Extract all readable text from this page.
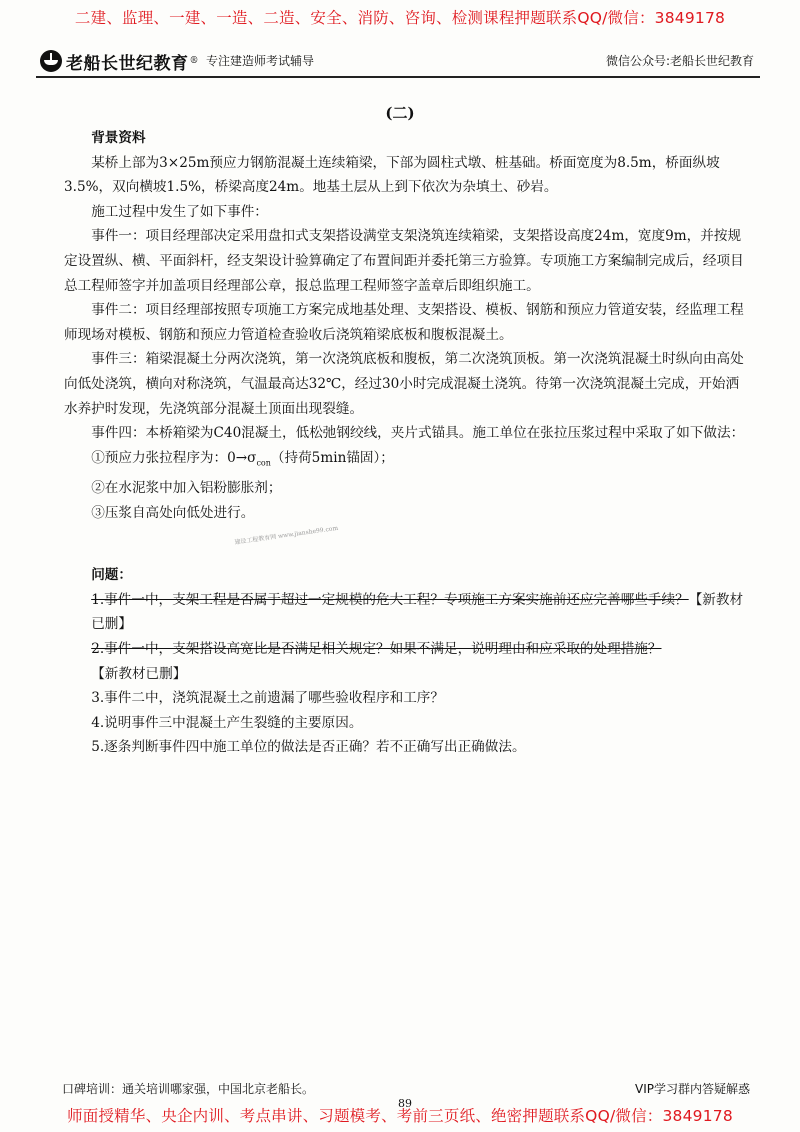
二建、监理、一建、一造、二造、安全、消防、咨询、检测课程押题联系QQ/微信：3849178
老船长世纪教育 ® 专注建造师考试辅导	微信公众号:老船长世纪教育
(二)

背景资料

某桥上部为3×25m预应力钢筋混凝土连续箱梁，下部为圆柱式墩、桩基础。桥面宽度为8.5m，桥面纵坡3.5%，双向横坡1.5%，桥梁高度24m。地基土层从上到下依次为杂填土、砂岩。

施工过程中发生了如下事件：

事件一：项目经理部决定采用盘扣式支架搭设满堂支架浇筑连续箱梁，支架搭设高度24m，宽度9m，并按规定设置纵、横、平面斜杆，经支架设计验算确定了布置间距并委托第三方验算。专项施工方案编制完成后，经项目总工程师签字并加盖项目经理部公章，报总监理工程师签字盖章后即组织施工。

事件二：项目经理部按照专项施工方案完成地基处理、支架搭设、模板、钢筋和预应力管道安装，经监理工程师现场对模板、钢筋和预应力管道检查验收后浇筑箱梁底板和腹板混凝土。

事件三：箱梁混凝土分两次浇筑，第一次浇筑底板和腹板，第二次浇筑顶板。第一次浇筑混凝土时纵向由高处向低处浇筑，横向对称浇筑，气温最高达32℃，经过30小时完成混凝土浇筑。待第一次浇筑混凝土完成，开始洒水养护时发现，先浇筑部分混凝土顶面出现裂缝。

事件四：本桥箱梁为C40混凝土，低松弛钢绞线，夹片式锚具。施工单位在张拉压浆过程中采取了如下做法：

①预应力张拉程序为：$0\to\sigma_{con}$（持荷5min锚固）；

②在水泥浆中加入铝粉膨胀剂；

③压浆自高处向低处进行。

问题：

1.事件一中，支架工程是否属于超过一定规模的危大工程？专项施工方案实施前还应完善哪些手续？【新教材已删】

2.事件一中，支架搭设高宽比是否满足相关规定？如果不满足，说明理由和应采取的处理措施？【新教材已删】

3.事件二中，浇筑混凝土之前遗漏了哪些验收程序和工序？

4.说明事件三中混凝土产生裂缝的主要原因。

5.逐条判断事件四中施工单位的做法是否正确？若不正确写出正确做法。

建设工程教育网 www.jianshe99.com
口碑培训：通关培训哪家强，中国北京老船长。	VIP学习群内答疑解惑
89
师面授精华、央企内训、考点串讲、习题模考、考前三页纸、绝密押题联系QQ/微信：3849178
